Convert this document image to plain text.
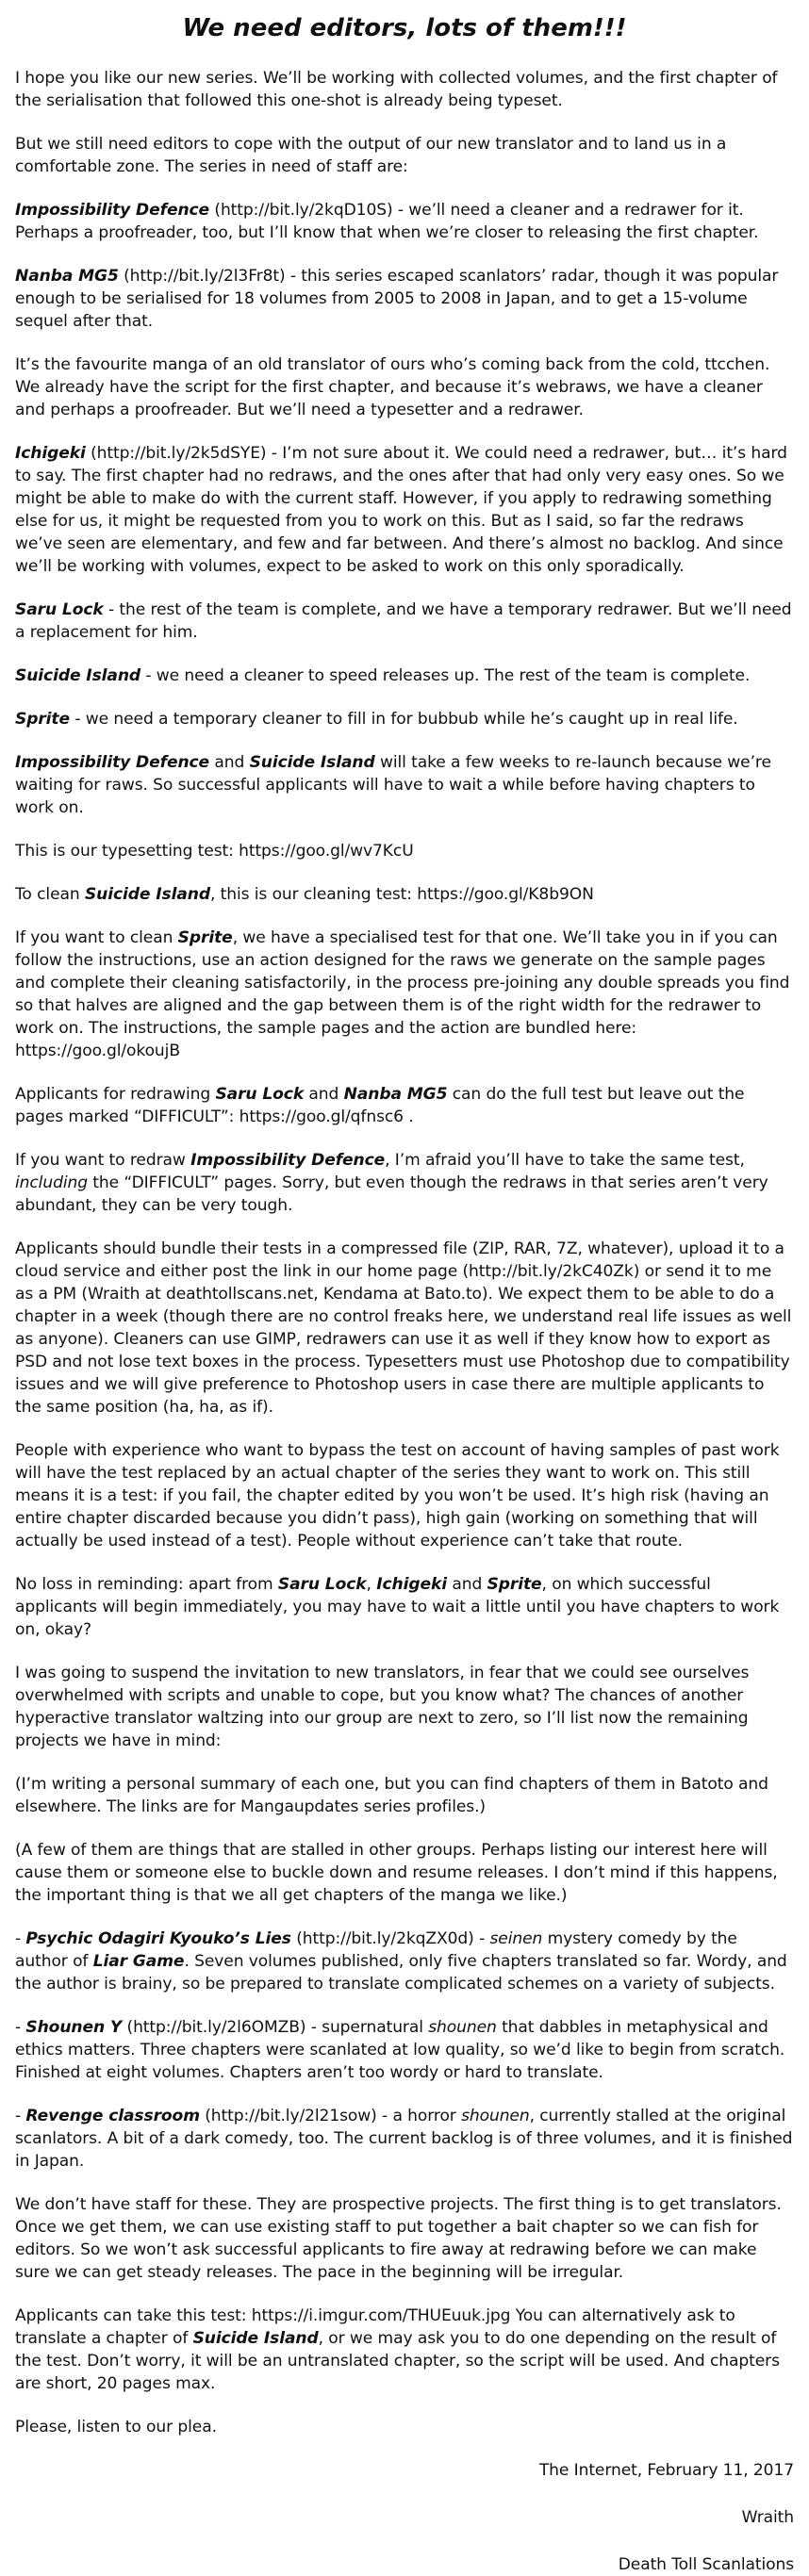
We need editors, lots of them!!!

I hope you like our new series. We’ll be working with collected volumes, and the first chapter of the serialisation that followed this one-shot is already being typeset.

But we still need editors to cope with the output of our new translator and to land us in a comfortable zone. The series in need of staff are:

Impossibility Defence (http://bit.ly/2kqD10S) - we’ll need a cleaner and a redrawer for it. Perhaps a proofreader, too, but I’ll know that when we’re closer to releasing the first chapter.

Nanba MG5 (http://bit.ly/2l3Fr8t) - this series escaped scanlators’ radar, though it was popular enough to be serialised for 18 volumes from 2005 to 2008 in Japan, and to get a 15-volume sequel after that.

It’s the favourite manga of an old translator of ours who’s coming back from the cold, ttcchen. We already have the script for the first chapter, and because it’s webraws, we have a cleaner and perhaps a proofreader. But we’ll need a typesetter and a redrawer.

Ichigeki (http://bit.ly/2k5dSYE) - I’m not sure about it. We could need a redrawer, but… it’s hard to say. The first chapter had no redraws, and the ones after that had only very easy ones. So we might be able to make do with the current staff. However, if you apply to redrawing something else for us, it might be requested from you to work on this. But as I said, so far the redraws we’ve seen are elementary, and few and far between. And there’s almost no backlog. And since we’ll be working with volumes, expect to be asked to work on this only sporadically.

Saru Lock - the rest of the team is complete, and we have a temporary redrawer. But we’ll need a replacement for him.

Suicide Island - we need a cleaner to speed releases up. The rest of the team is complete.

Sprite - we need a temporary cleaner to fill in for bubbub while he’s caught up in real life.

Impossibility Defence and Suicide Island will take a few weeks to re-launch because we’re waiting for raws. So successful applicants will have to wait a while before having chapters to work on.

This is our typesetting test: https://goo.gl/wv7KcU

To clean Suicide Island, this is our cleaning test: https://goo.gl/K8b9ON

If you want to clean Sprite, we have a specialised test for that one. We’ll take you in if you can follow the instructions, use an action designed for the raws we generate on the sample pages and complete their cleaning satisfactorily, in the process pre-joining any double spreads you find so that halves are aligned and the gap between them is of the right width for the redrawer to work on. The instructions, the sample pages and the action are bundled here: https://goo.gl/okoujB

Applicants for redrawing Saru Lock and Nanba MG5 can do the full test but leave out the pages marked “DIFFICULT”: https://goo.gl/qfnsc6 .

If you want to redraw Impossibility Defence, I’m afraid you’ll have to take the same test, including the “DIFFICULT” pages. Sorry, but even though the redraws in that series aren’t very abundant, they can be very tough.

Applicants should bundle their tests in a compressed file (ZIP, RAR, 7Z, whatever), upload it to a cloud service and either post the link in our home page (http://bit.ly/2kC40Zk) or send it to me as a PM (Wraith at deathtollscans.net, Kendama at Bato.to). We expect them to be able to do a chapter in a week (though there are no control freaks here, we understand real life issues as well as anyone). Cleaners can use GIMP, redrawers can use it as well if they know how to export as PSD and not lose text boxes in the process. Typesetters must use Photoshop due to compatibility issues and we will give preference to Photoshop users in case there are multiple applicants to the same position (ha, ha, as if).

People with experience who want to bypass the test on account of having samples of past work will have the test replaced by an actual chapter of the series they want to work on. This still means it is a test: if you fail, the chapter edited by you won’t be used. It’s high risk (having an entire chapter discarded because you didn’t pass), high gain (working on something that will actually be used instead of a test). People without experience can’t take that route.

No loss in reminding: apart from Saru Lock, Ichigeki and Sprite, on which successful applicants will begin immediately, you may have to wait a little until you have chapters to work on, okay?

I was going to suspend the invitation to new translators, in fear that we could see ourselves overwhelmed with scripts and unable to cope, but you know what? The chances of another hyperactive translator waltzing into our group are next to zero, so I’ll list now the remaining projects we have in mind:

(I’m writing a personal summary of each one, but you can find chapters of them in Batoto and elsewhere. The links are for Mangaupdates series profiles.)

(A few of them are things that are stalled in other groups. Perhaps listing our interest here will cause them or someone else to buckle down and resume releases. I don’t mind if this happens, the important thing is that we all get chapters of the manga we like.)

- Psychic Odagiri Kyouko’s Lies (http://bit.ly/2kqZX0d) - seinen mystery comedy by the author of Liar Game. Seven volumes published, only five chapters translated so far. Wordy, and the author is brainy, so be prepared to translate complicated schemes on a variety of subjects.

- Shounen Y (http://bit.ly/2l6OMZB) - supernatural shounen that dabbles in metaphysical and ethics matters. Three chapters were scanlated at low quality, so we’d like to begin from scratch. Finished at eight volumes. Chapters aren’t too wordy or hard to translate.

- Revenge classroom (http://bit.ly/2l21sow) - a horror shounen, currently stalled at the original scanlators. A bit of a dark comedy, too. The current backlog is of three volumes, and it is finished in Japan.

We don’t have staff for these. They are prospective projects. The first thing is to get translators. Once we get them, we can use existing staff to put together a bait chapter so we can fish for editors. So we won’t ask successful applicants to fire away at redrawing before we can make sure we can get steady releases. The pace in the beginning will be irregular.

Applicants can take this test: https://i.imgur.com/THUEuuk.jpg You can alternatively ask to translate a chapter of Suicide Island, or we may ask you to do one depending on the result of the test. Don’t worry, it will be an untranslated chapter, so the script will be used. And chapters are short, 20 pages max.

Please, listen to our plea.

The Internet, February 11, 2017

Wraith

Death Toll Scanlations
